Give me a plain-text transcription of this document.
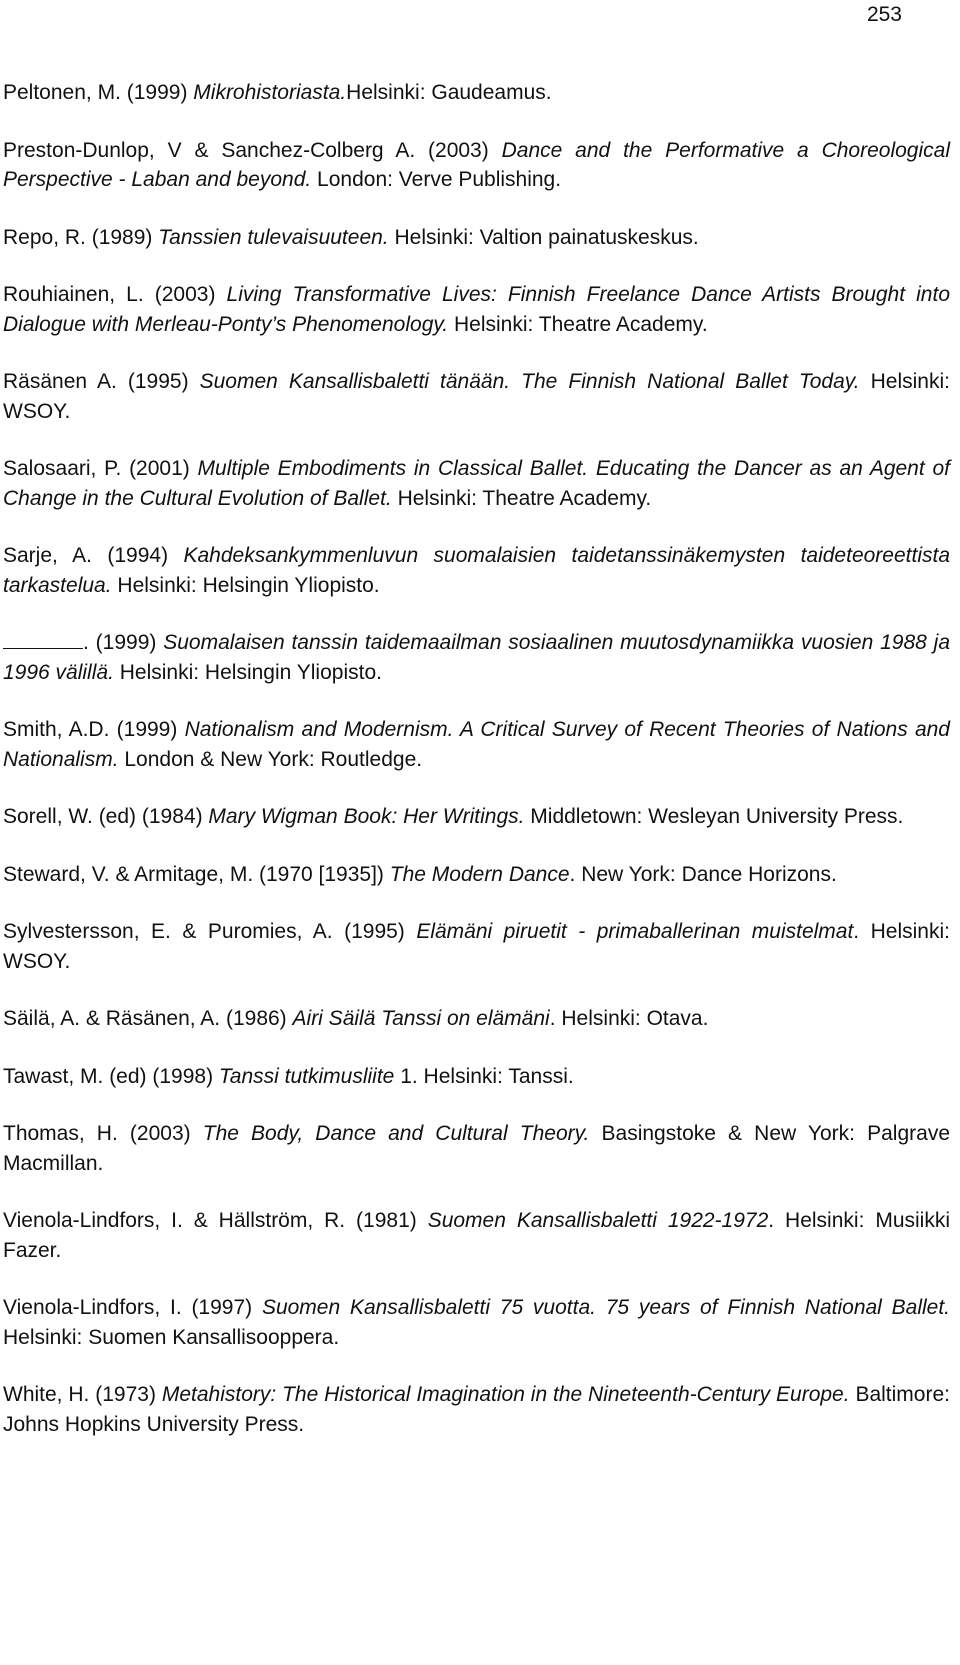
253

Peltonen, M. (1999) Mikrohistoriasta.Helsinki: Gaudeamus.

Preston-Dunlop, V & Sanchez-Colberg A. (2003) Dance and the Performative a Choreological Perspective - Laban and beyond. London: Verve Publishing.

Repo, R. (1989) Tanssien tulevaisuuteen. Helsinki: Valtion painatuskeskus.

Rouhiainen, L. (2003) Living Transformative Lives: Finnish Freelance Dance Artists Brought into Dialogue with Merleau-Ponty’s Phenomenology. Helsinki: Theatre Academy.

Räsänen A. (1995) Suomen Kansallisbaletti tänään. The Finnish National Ballet Today. Helsinki: WSOY.

Salosaari, P. (2001) Multiple Embodiments in Classical Ballet. Educating the Dancer as an Agent of Change in the Cultural Evolution of Ballet. Helsinki: Theatre Academy.

Sarje, A. (1994) Kahdeksankymmenluvun suomalaisien taidetanssinäkemysten taideteoreettista tarkastelua. Helsinki: Helsingin Yliopisto.

. (1999) Suomalaisen tanssin taidemaailman sosiaalinen muutosdynamiikka vuosien 1988 ja 1996 välillä. Helsinki: Helsingin Yliopisto.

Smith, A.D. (1999) Nationalism and Modernism. A Critical Survey of Recent Theories of Nations and Nationalism. London & New York: Routledge.

Sorell, W. (ed) (1984) Mary Wigman Book: Her Writings. Middletown: Wesleyan University Press.

Steward, V. & Armitage, M. (1970 [1935]) The Modern Dance. New York: Dance Horizons.

Sylvestersson, E. & Puromies, A. (1995) Elämäni piruetit - primaballerinan muistelmat. Helsinki: WSOY.

Säilä, A. & Räsänen, A. (1986) Airi Säilä Tanssi on elämäni. Helsinki: Otava.

Tawast, M. (ed) (1998) Tanssi tutkimusliite 1. Helsinki: Tanssi.

Thomas, H. (2003) The Body, Dance and Cultural Theory. Basingstoke & New York: Palgrave Macmillan.

Vienola-Lindfors, I. & Hällström, R. (1981) Suomen Kansallisbaletti 1922-1972. Helsinki: Musiikki Fazer.

Vienola-Lindfors, I. (1997) Suomen Kansallisbaletti 75 vuotta. 75 years of Finnish National Ballet. Helsinki: Suomen Kansallisooppera.

White, H. (1973) Metahistory: The Historical Imagination in the Nineteenth-Century Europe. Baltimore: Johns Hopkins University Press.
